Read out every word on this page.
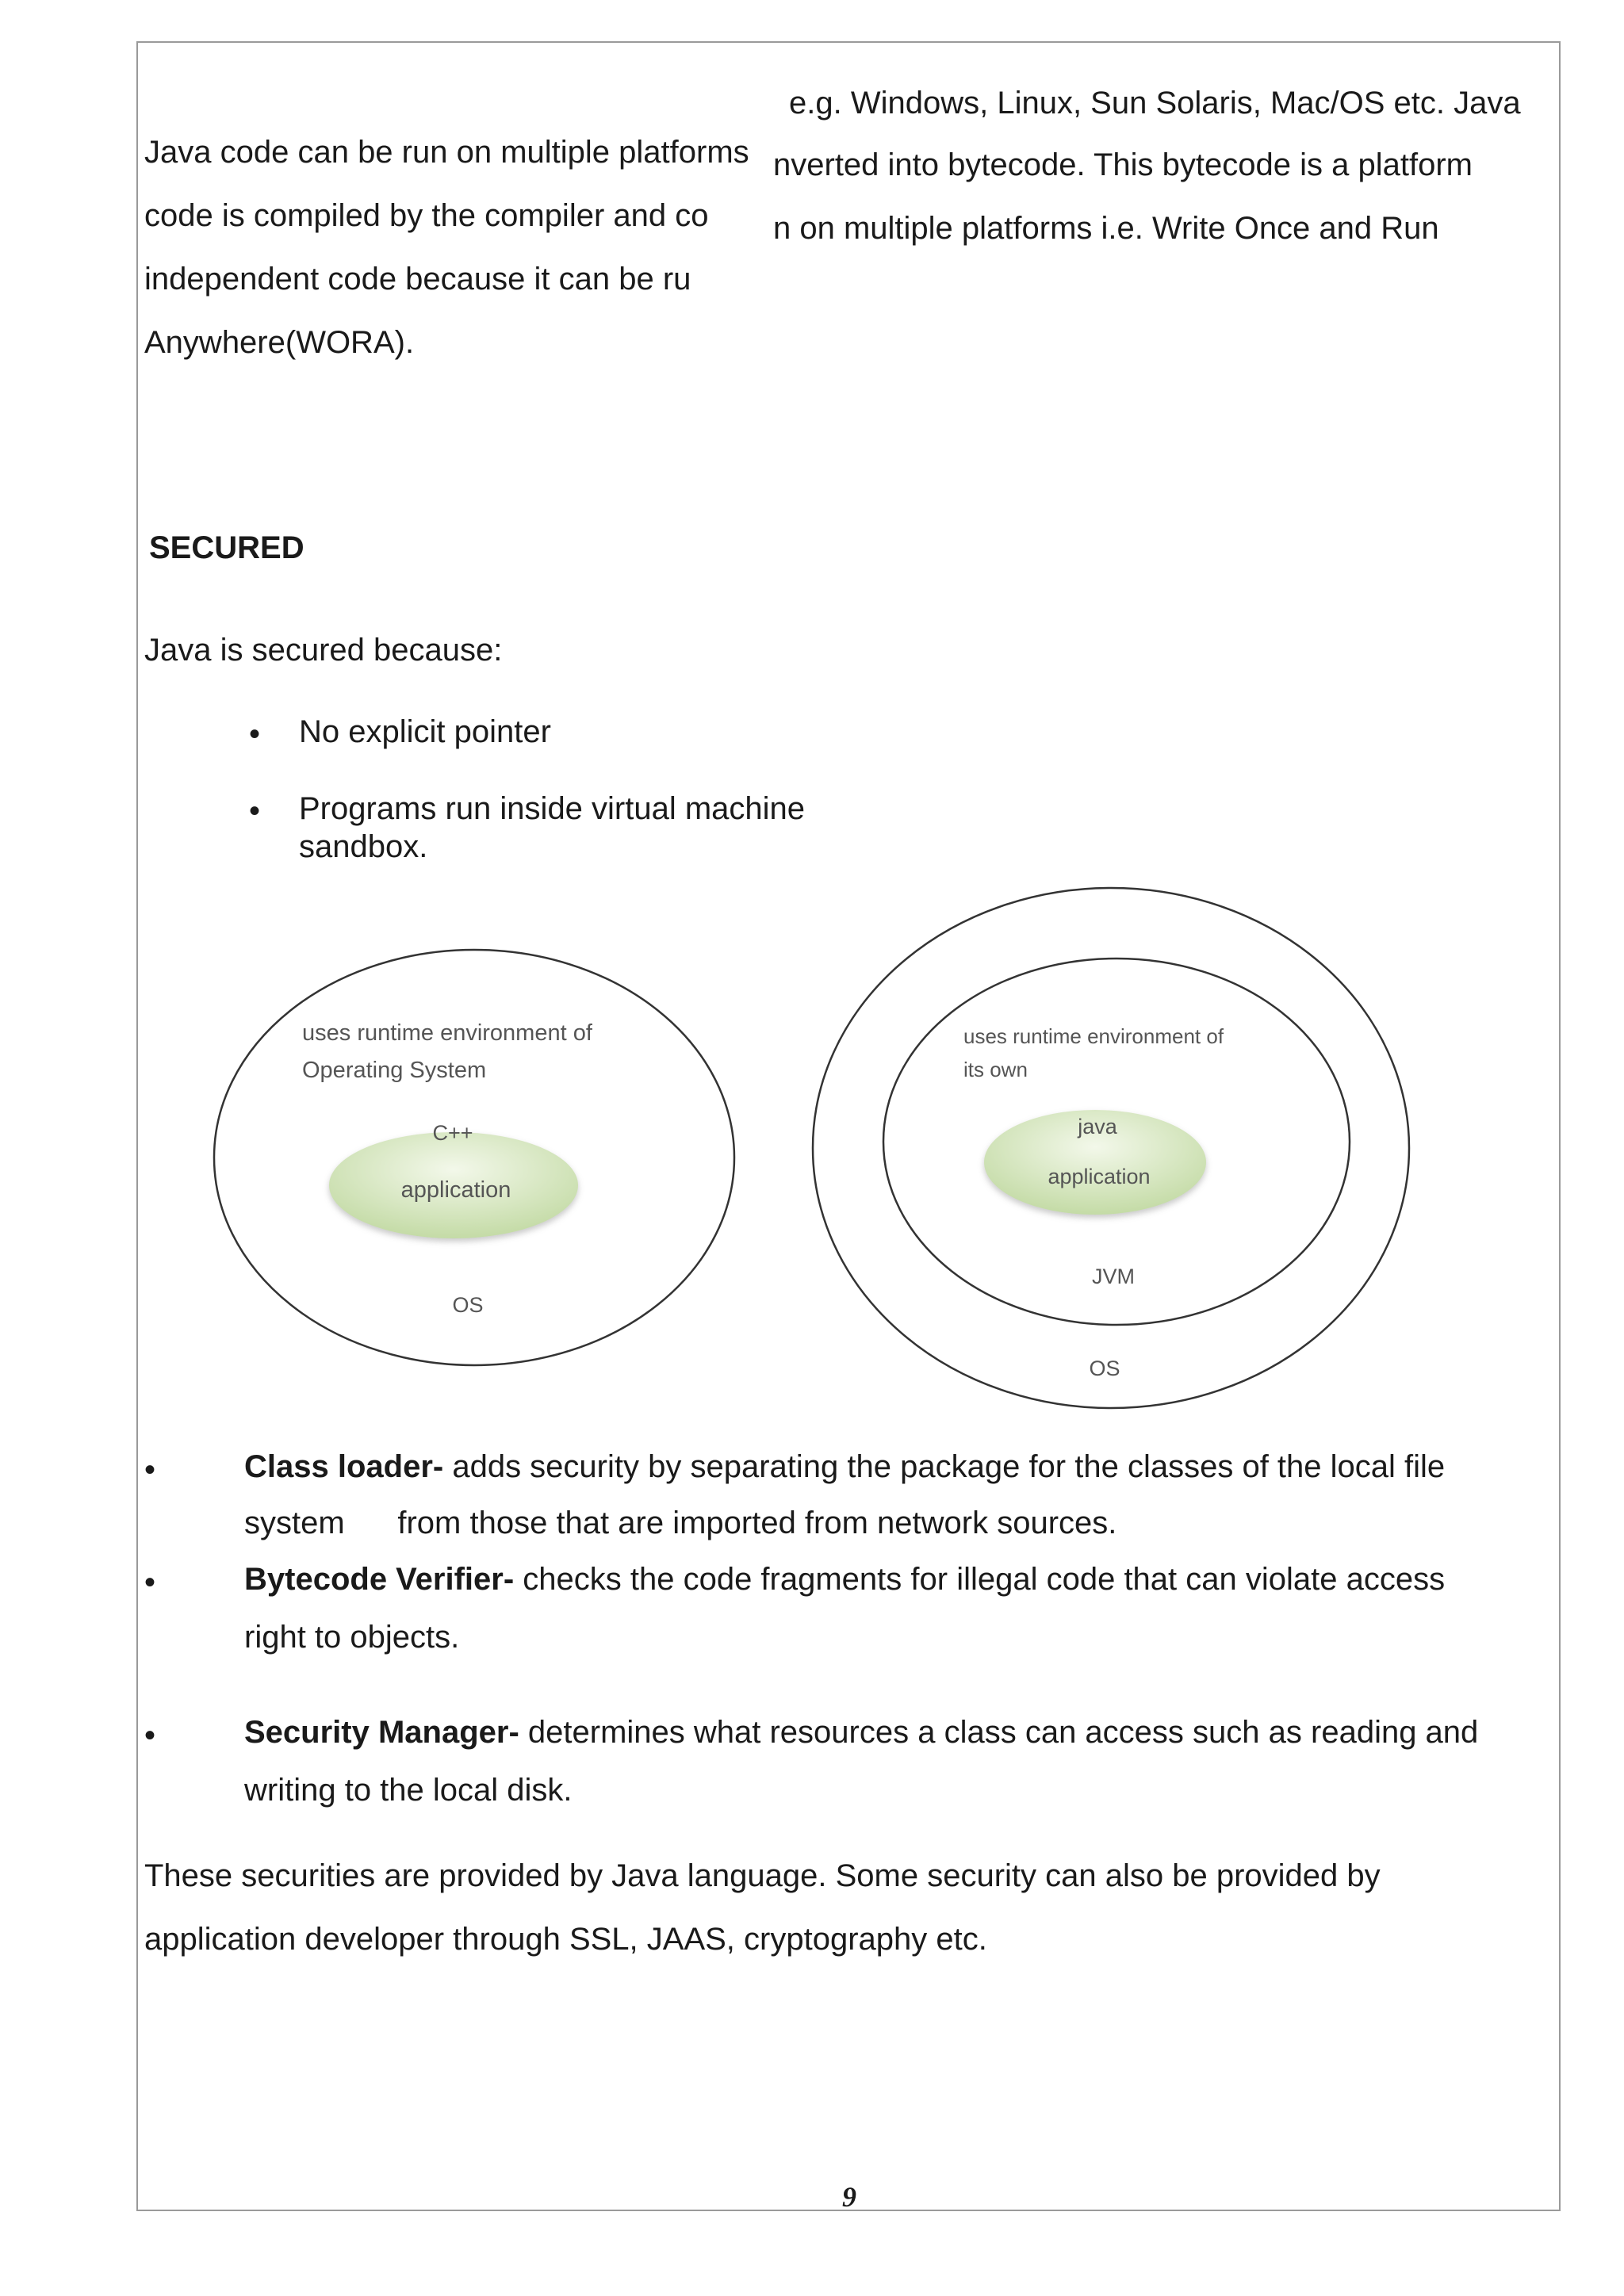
Java code can be run on multiple platforms
code is compiled by the compiler and co
independent code because it can be ru
Anywhere(WORA).
e.g. Windows, Linux, Sun Solaris, Mac/OS etc. Java
nverted into bytecode. This bytecode is a platform
n on multiple platforms i.e. Write Once and Run
SECURED
Java is secured because:
• No explicit pointer
• Programs run inside virtual machine
sandbox.
uses runtime environment of
Operating System
C++
application
OS
uses runtime environment of
its own
java
application
JVM
OS
•	Class loader- adds security by separating the package for the classes of the local file
system      from those that are imported from network sources.
•	Bytecode Verifier- checks the code fragments for illegal code that can violate access
right to objects.
•	Security Manager- determines what resources a class can access such as reading and
writing to the local disk.
These securities are provided by Java language. Some security can also be provided by
application developer through SSL, JAAS, cryptography etc.
9
